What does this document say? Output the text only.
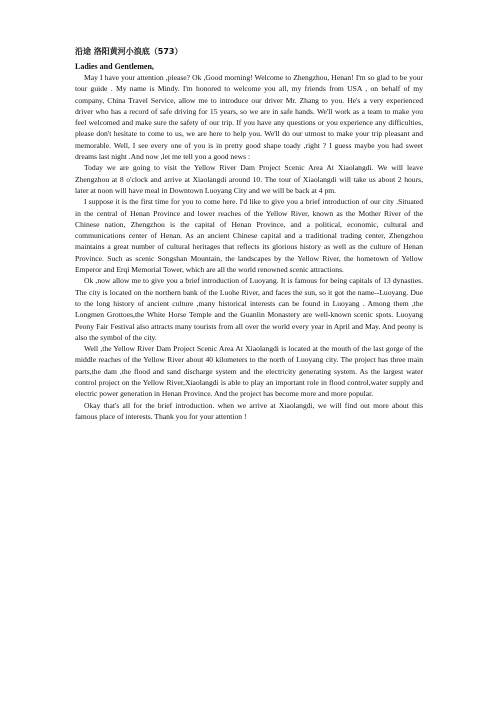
沿途 洛阳黄河小浪底（573）

Ladies and Gentlemen,

May I have your attention ,please? Ok ,Good morning! Welcome to Zhengzhou, Henan! I'm so glad to be your tour guide . My name is Mindy. I'm honored to welcome you all, my friends from USA , on behalf of my company, China Travel Service, allow me to introduce our driver Mr. Zhang to you. He's a very experienced driver who has a record of safe driving for 15 years, so we are in safe hands. We'll work as a team to make you feel welcomed and make sure the safety of our trip. If you have any questions or you experience any difficulties, please don't hesitate to come to us, we are here to help you. We'll do our utmost to make your trip pleasant and memorable. Well, I see every one of you is in pretty good shape toady ,right ? I guess maybe you had sweet dreams last night .And now ,let me tell you a good news :

Today we are going to visit the Yellow River Dam Project Scenic Area At Xiaolangdi. We will leave Zhengzhou at 8 o'clock and arrive at Xiaolangdi around 10. The tour of Xiaolangdi will take us about 2 hours, later at noon will have meal in Downtown Luoyang City and we will be back at 4 pm.

I suppose it is the first time for you to come here. I'd like to give you a brief introduction of our city .Situated in the central of Henan Province and lower reaches of the Yellow River, known as the Mother River of the Chinese nation, Zhengzhou is the capital of Henan Province, and a political, economic, cultural and communications center of Henan. As an ancient Chinese capital and a traditional trading center, Zhengzhou maintains a great number of cultural heritages that reflects its glorious history as well as the culture of Henan Province. Such as scenic Songshan Mountain, the landscapes by the Yellow River, the hometown of Yellow Emperor and Erqi Memorial Tower, which are all the world renowned scenic attractions.

Ok ,now allow me to give you a brief introduction of Luoyang. It is famous for being capitals of 13 dynasties. The city is located on the northern bank of the Luohe River, and faces the sun, so it got the name--Luoyang. Due to the long history of ancient culture ,many historical interests can be found in Luoyang . Among them ,the Longmen Grottoes,the White Horse Temple and the Guanlin Monastery are well-known scenic spots. Luoyang Peony Fair Festival also attracts many tourists from all over the world every year in April and May. And peony is also the symbol of the city.

Well ,the Yellow River Dam Project Scenic Area At Xiaolangdi is located at the mouth of the last gorge of the middle reaches of the Yellow River about 40 kilometers to the north of Luoyang city. The project has three main parts,the dam ,the flood and sand discharge system and the electricity generating system. As the largest water control project on the Yellow River,Xiaolangdi is able to play an important role in flood control,water supply and electric power generation in Henan Province. And the project has become more and more popular.

Okay that's all for the brief introduction. when we arrive at Xiaolangdi, we will find out more about this famous place of interests. Thank you for your attention !
